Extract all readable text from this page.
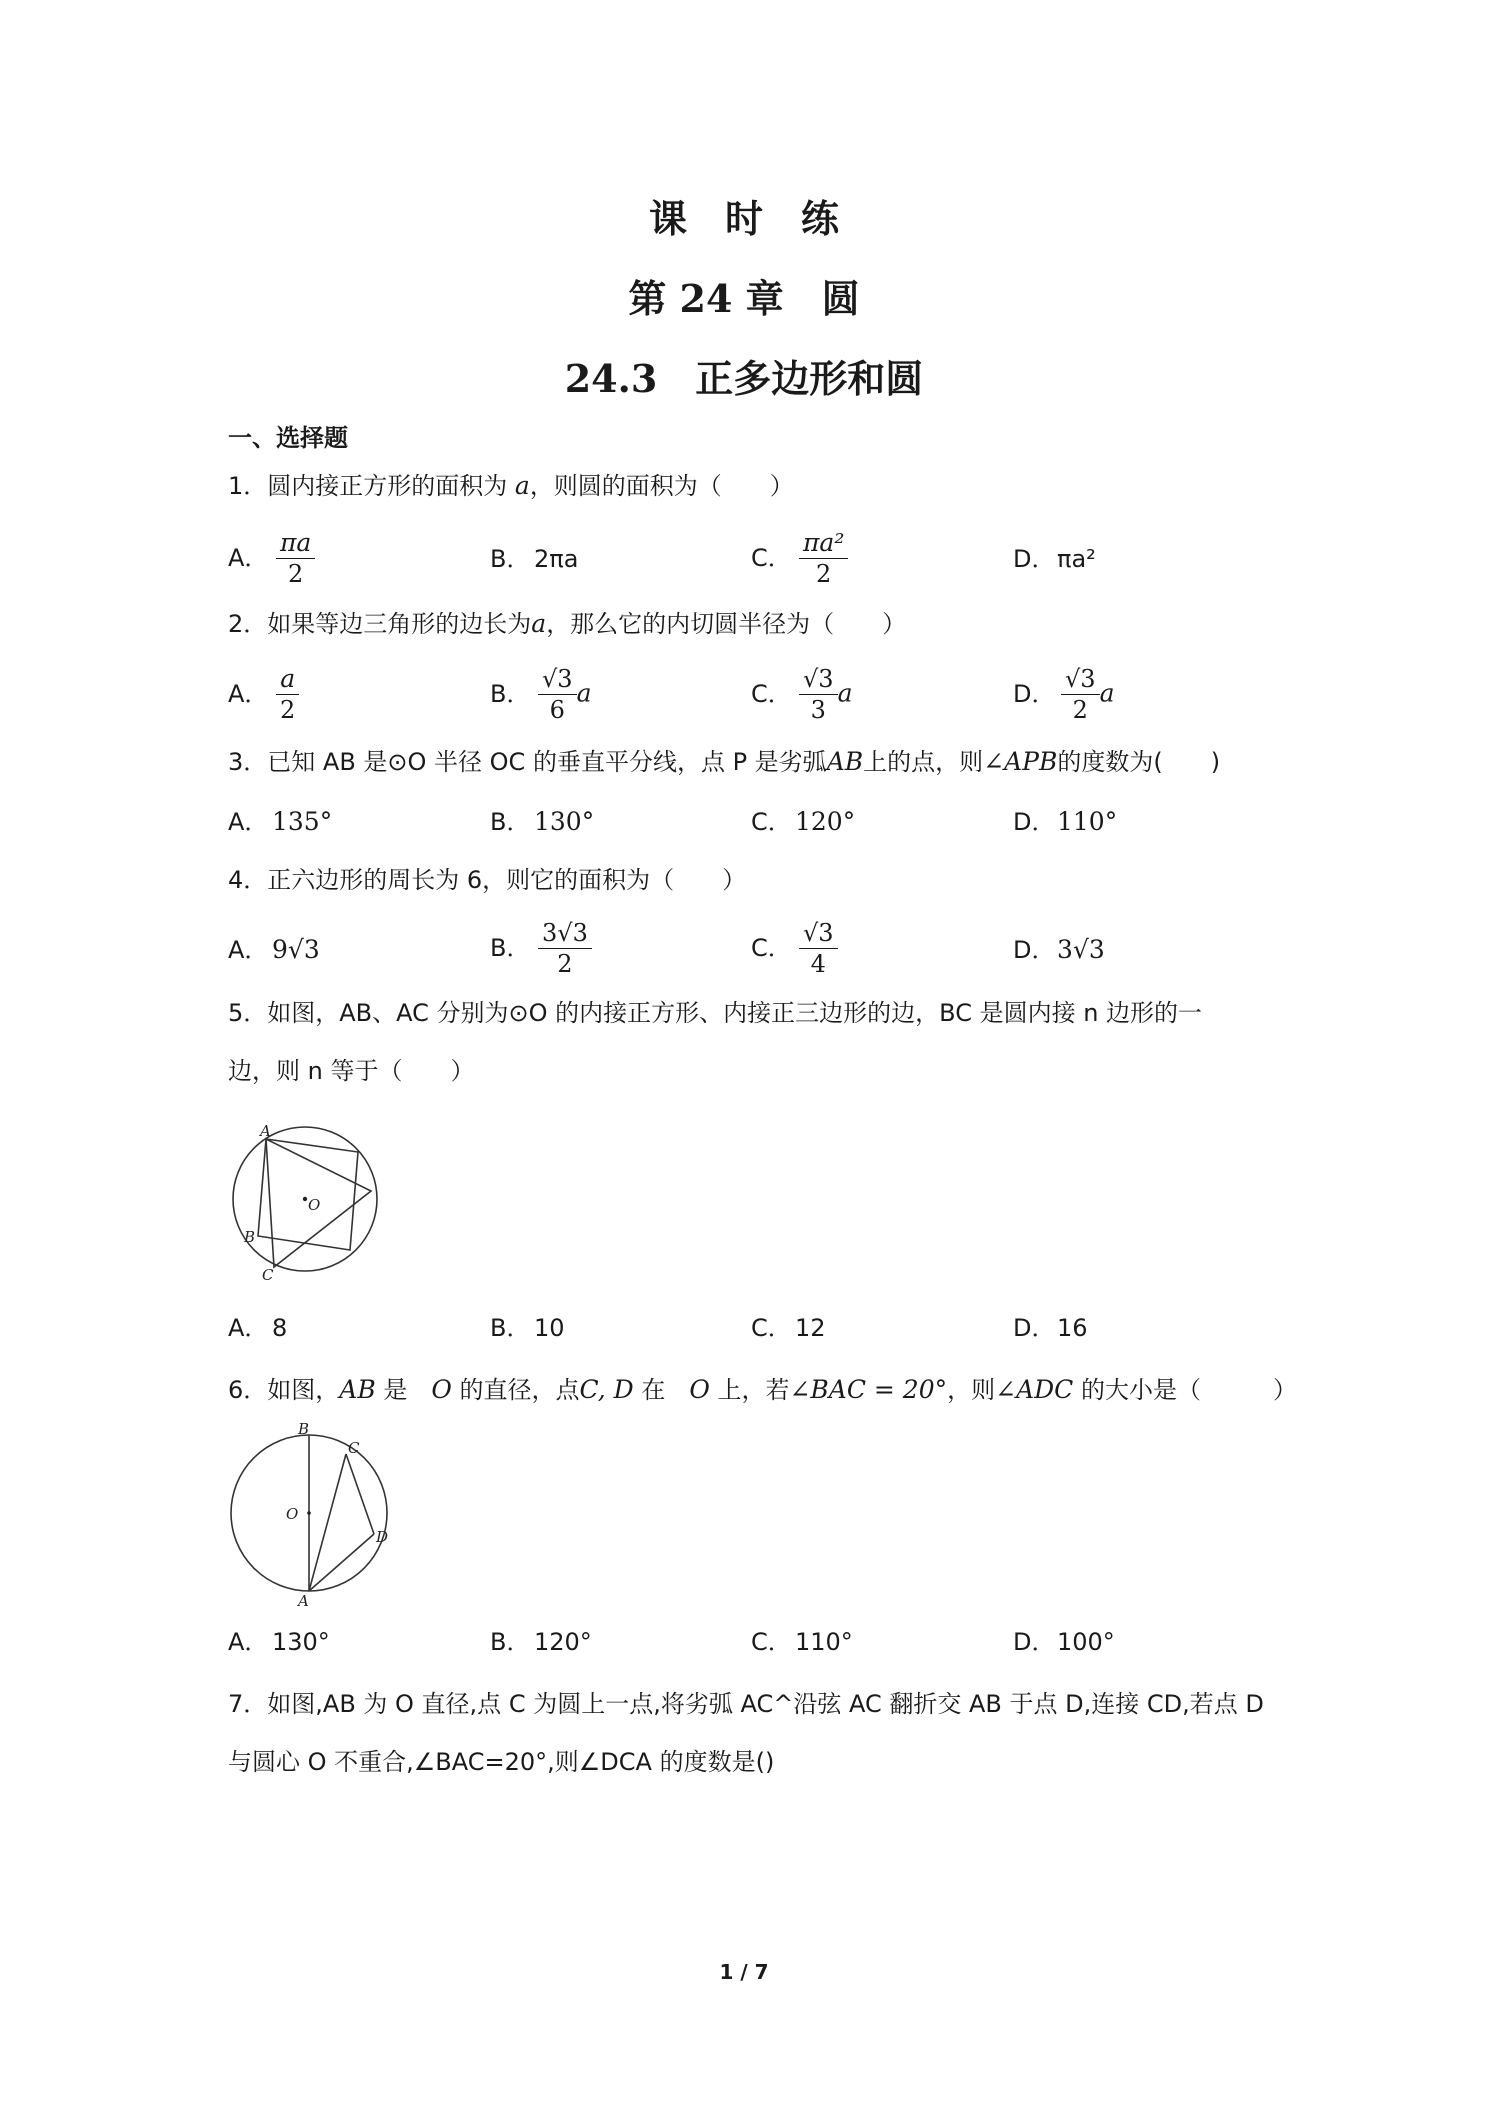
课　时　练
第 24 章　圆
24.3　正多边形和圆
一、选择题
1．圆内接正方形的面积为 a，则圆的面积为（　　）
A． $\frac{\pi a}{2}$	B． 2πa	C． $\frac{\text{πa²}}{2}$	D．πa²
2．如果等边三角形的边长为a，那么它的内切圆半径为（　　）
A． $\frac{a}{2}$	B． $\frac{√3}{6}$ a	C． $\frac{√3}{3}$ a	D． $\frac{√3}{2}$ a
3．已知 AB 是⊙O 半径 OC 的垂直平分线，点 P 是劣弧AB上的点，则∠APB的度数为(　　)
A． 135°	B． 130°	C． 120°	D．110°
4．正六边形的周长为 6，则它的面积为（　　）
A． 9√3	B． $\frac{3√3}{2}$	C． $\frac{√3}{4}$	D．3√3
5．如图，AB、AC 分别为⊙O 的内接正方形、内接正三边形的边，BC 是圆内接 n 边形的一
边，则 n 等于（　　）
A
O
B
C
A． 8	B． 10	C． 12	D．16
6．如图，AB 是　O 的直径，点C, D 在　O 上，若∠BAC = 20°，则∠ADC 的大小是（　　　）
B
C
O
D
A
A． 130°	B． 120°	C． 110°	D．100°
7．如图,AB 为 O 直径,点 C 为圆上一点,将劣弧 AC^沿弦 AC 翻折交 AB 于点 D,连接 CD,若点 D
与圆心 O 不重合,∠BAC=20°,则∠DCA 的度数是()
1 / 7
